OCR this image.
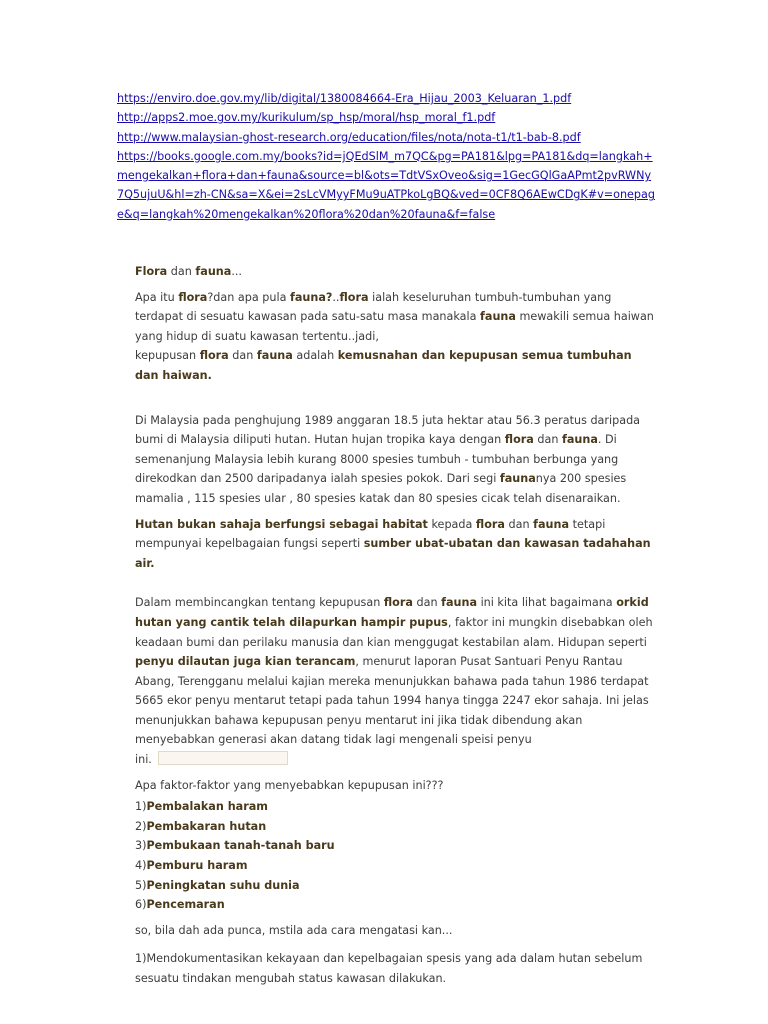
https://enviro.doe.gov.my/lib/digital/1380084664-Era_Hijau_2003_Keluaran_1.pdf
http://apps2.moe.gov.my/kurikulum/sp_hsp/moral/hsp_moral_f1.pdf
http://www.malaysian-ghost-research.org/education/files/nota/nota-t1/t1-bab-8.pdf
https://books.google.com.my/books?id=jQEdSlM_m7QC&pg=PA181&lpg=PA181&dq=langkah+mengekalkan+flora+dan+fauna&source=bl&ots=TdtVSxOveo&sig=1GecGQlGaAPmt2pvRWNy7Q5ujuU&hl=zh-CN&sa=X&ei=2sLcVMyyFMu9uATPkoLgBQ&ved=0CF8Q6AEwCDgK#v=onepage&q=langkah%20mengekalkan%20flora%20dan%20fauna&f=false

Flora dan fauna...

Apa itu flora?dan apa pula fauna?..flora ialah keseluruhan tumbuh-tumbuhan yang terdapat di sesuatu kawasan pada satu-satu masa manakala fauna mewakili semua haiwan yang hidup di suatu kawasan tertentu..jadi,

kepupusan flora dan fauna adalah kemusnahan dan kepupusan semua tumbuhan dan haiwan.

Di Malaysia pada penghujung 1989 anggaran 18.5 juta hektar atau 56.3 peratus daripada bumi di Malaysia diliputi hutan. Hutan hujan tropika kaya dengan flora dan fauna. Di semenanjung Malaysia lebih kurang 8000 spesies tumbuh - tumbuhan berbunga yang direkodkan dan 2500 daripadanya ialah spesies pokok. Dari segi faunanya 200 spesies mamalia , 115 spesies ular , 80 spesies katak dan 80 spesies cicak telah disenaraikan.

Hutan bukan sahaja berfungsi sebagai habitat kepada flora dan fauna tetapi mempunyai kepelbagaian fungsi seperti sumber ubat-ubatan dan kawasan tadahahan air.

Dalam membincangkan tentang kepupusan flora dan fauna ini kita lihat bagaimana orkid hutan yang cantik telah dilapurkan hampir pupus, faktor ini mungkin disebabkan oleh keadaan bumi dan perilaku manusia dan kian menggugat kestabilan alam. Hidupan seperti penyu dilautan juga kian terancam, menurut laporan Pusat Santuari Penyu Rantau Abang, Terengganu melalui kajian mereka menunjukkan bahawa pada tahun 1986 terdapat 5665 ekor penyu mentarut tetapi pada tahun 1994 hanya tingga 2247 ekor sahaja. Ini jelas menunjukkan bahawa kepupusan penyu mentarut ini jika tidak dibendung akan menyebabkan generasi akan datang tidak lagi mengenali speisi penyu
ini.

Apa faktor-faktor yang menyebabkan kepupusan ini???

1)Pembalakan haram
2)Pembakaran hutan
3)Pembukaan tanah-tanah baru
4)Pemburu haram
5)Peningkatan suhu dunia
6)Pencemaran

so, bila dah ada punca, mstila ada cara mengatasi kan...

1)Mendokumentasikan kekayaan dan kepelbagaian spesis yang ada dalam hutan sebelum sesuatu tindakan mengubah status kawasan dilakukan.
